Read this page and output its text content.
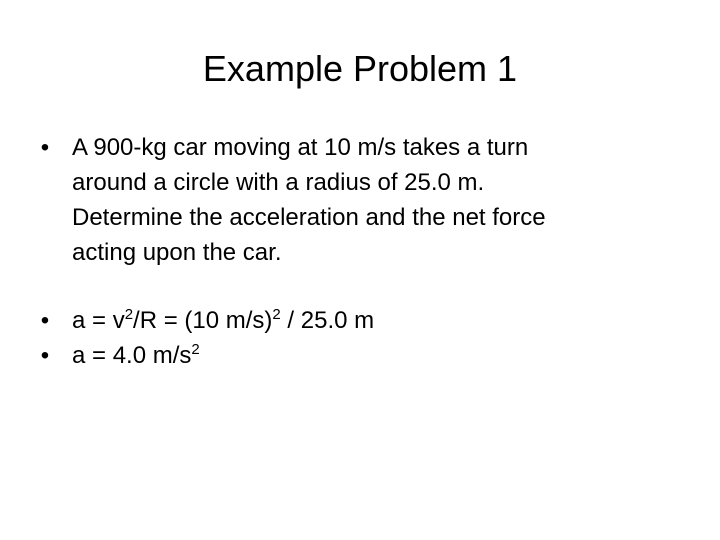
Example Problem 1
• A 900-kg car moving at 10 m/s takes a turn
around a circle with a radius of 25.0 m.
Determine the acceleration and the net force
acting upon the car.
• $a = v^2/R = (10$ m/s)$^2$ / 25.0 m
• a = 4.0 $m/s^2$
